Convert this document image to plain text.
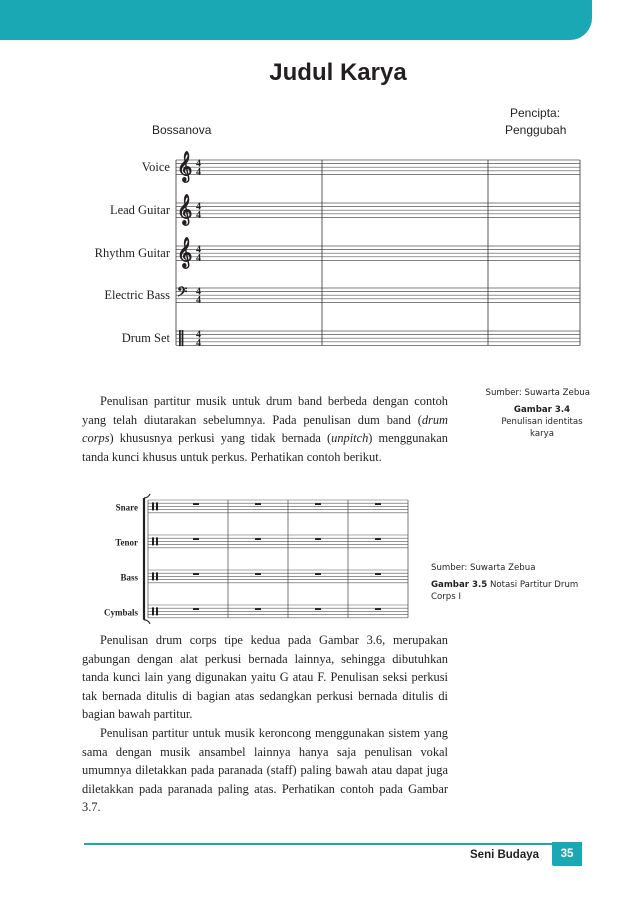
Judul Karya
Bossanova
Pencipta:
Penggubah
Voice 𝄞 4
4
Lead Guitar 𝄞 4
4
Rhythm Guitar 𝄞 4
4
Electric Bass 𝄢 4
4
Drum Set ‖ 4
4
Sumber: Suwarta Zebua
Gambar 3.4 Penulisan identitas karya

Penulisan partitur musik untuk drum band berbeda dengan contoh yang telah diutarakan sebelumnya. Pada penulisan dum band (drum corps) khususnya perkusi yang tidak bernada (unpitch) menggunakan tanda kunci khusus untuk perkus. Perhatikan contoh berikut.

Snare
Tenor
Bass
Cymbals
Sumber: Suwarta Zebua
Gambar 3.5 Notasi Partitur Drum Corps I

Penulisan drum corps tipe kedua pada Gambar 3.6, merupakan gabungan dengan alat perkusi bernada lainnya, sehingga dibutuhkan tanda kunci lain yang digunakan yaitu G atau F. Penulisan seksi perkusi tak bernada ditulis di bagian atas sedangkan perkusi bernada ditulis di bagian bawah partitur.

Penulisan partitur untuk musik keroncong menggunakan sistem yang sama dengan musik ansambel lainnya hanya saja penulisan vokal umumnya diletakkan pada paranada (staff) paling bawah atau dapat juga diletakkan pada paranada paling atas. Perhatikan contoh pada Gambar 3.7.

Seni Budaya	35
